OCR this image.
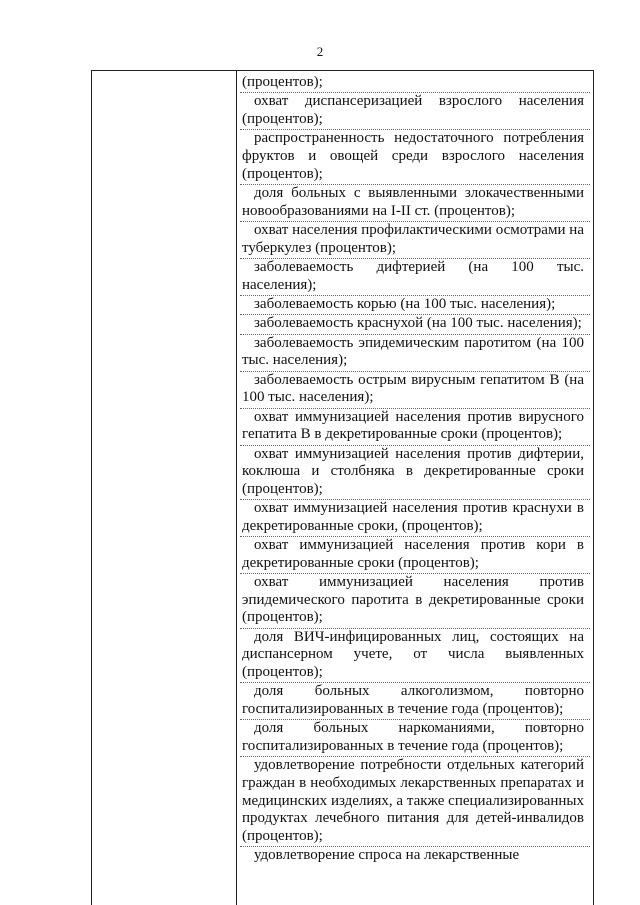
2
(процентов);
охват диспансеризацией взрослого населения (процентов);
распространенность недостаточного потребления фруктов и овощей среди взрослого населения (процентов);
доля больных с выявленными злокачественными новообразованиями на I-II ст. (процентов);
охват населения профилактическими осмотрами на туберкулез (процентов);
заболеваемость дифтерией (на 100 тыс. населения);
заболеваемость корью (на 100 тыс. населения);
заболеваемость краснухой (на 100 тыс. населения);
заболеваемость эпидемическим паротитом (на 100 тыс. населения);
заболеваемость острым вирусным гепатитом В (на 100 тыс. населения);
охват иммунизацией населения против вирусного гепатита В в декретированные сроки (процентов);
охват иммунизацией населения против дифтерии, коклюша и столбняка в декретированные сроки (процентов);
охват иммунизацией населения против краснухи в декретированные сроки, (процентов);
охват иммунизацией населения против кори в декретированные сроки (процентов);
охват иммунизацией населения против эпидемического паротита в декретированные сроки (процентов);
доля ВИЧ-инфицированных лиц, состоящих на диспансерном учете, от числа выявленных (процентов);
доля больных алкоголизмом, повторно госпитализированных в течение года (процентов);
доля больных наркоманиями, повторно госпитализированных в течение года (процентов);
удовлетворение потребности отдельных категорий граждан в необходимых лекарственных препаратах и медицинских изделиях, а также специализированных продуктах лечебного питания для детей-инвалидов (процентов);
удовлетворение спроса на лекарственные
